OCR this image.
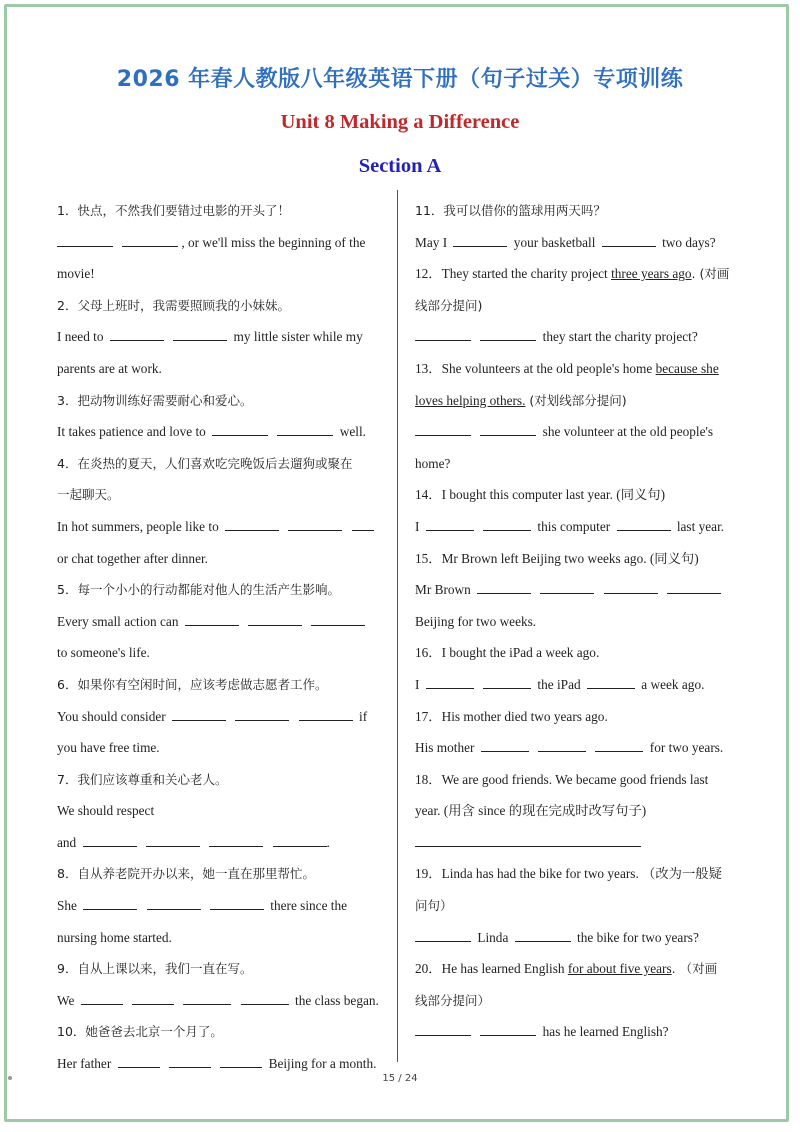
2026 年春人教版八年级英语下册（句子过关）专项训练
Unit 8 Making a Difference
Section A
1．快点，不然我们要错过电影的开头了！
, or we'll miss the beginning of the
movie!
2．父母上班时，我需要照顾我的小妹妹。
I need to	my little sister while my
parents are at work.
3．把动物训练好需要耐心和爱心。
It takes patience and love to	well.
4．在炎热的夏天，人们喜欢吃完晚饭后去遛狗或聚在
一起聊天。
In hot summers, people like to
or chat together after dinner.
5．每一个小小的行动都能对他人的生活产生影响。
Every small action can
to someone's life.
6．如果你有空闲时间，应该考虑做志愿者工作。
You should consider	if
you have free time.
7．我们应该尊重和关心老人。
We should respect
and	.
8．自从养老院开办以来，她一直在那里帮忙。
She	there since the
nursing home started.
9．自从上课以来，我们一直在写。
We	the class began.
10．她爸爸去北京一个月了。
Her father	Beijing for a month.
11．我可以借你的篮球用两天吗？
May I	your basketball	two days?
12．They started the charity project three years ago. (对画
线部分提问)
they start the charity project?
13．She volunteers at the old people's home because she
loves helping others. (对划线部分提问)
she volunteer at the old people's
home?
14．I bought this computer last year. (同义句)
I	this computer	last year.
15．Mr Brown left Beijing two weeks ago. (同义句)
Mr Brown
Beijing for two weeks.
16．I bought the iPad a week ago.
I	the iPad	a week ago.
17．His mother died two years ago.
His mother	for two years.
18．We are good friends. We became good friends last
year. (用含 since 的现在完成时改写句子)
19．Linda has had the bike for two years. （改为一般疑
问句）
Linda	the bike for two years?
20．He has learned English for about five years. （对画
线部分提问）
has he learned English?
15 / 24
